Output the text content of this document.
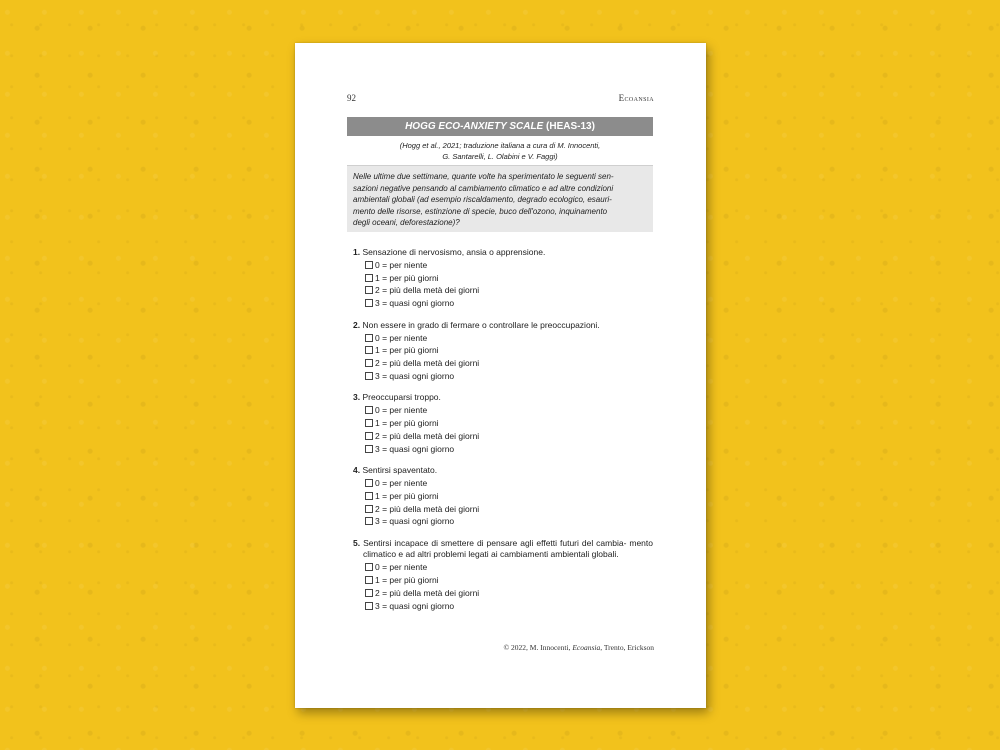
92	Ecoansia
HOGG ECO-ANXIETY SCALE (HEAS-13)
(Hogg et al., 2021; traduzione italiana a cura di M. Innocenti,
G. Santarelli, L. Olabini e V. Faggi)
Nelle ultime due settimane, quante volte ha sperimentato le seguenti sen-
sazioni negative pensando al cambiamento climatico e ad altre condizioni
ambientali globali (ad esempio riscaldamento, degrado ecologico, esauri-
mento delle risorse, estinzione di specie, buco dell'ozono, inquinamento
degli oceani, deforestazione)?
1. Sensazione di nervosismo, ansia o apprensione.
0 = per niente
1 = per più giorni
2 = più della metà dei giorni
3 = quasi ogni giorno
2. Non essere in grado di fermare o controllare le preoccupazioni.
0 = per niente
1 = per più giorni
2 = più della metà dei giorni
3 = quasi ogni giorno
3. Preoccuparsi troppo.
0 = per niente
1 = per più giorni
2 = più della metà dei giorni
3 = quasi ogni giorno
4. Sentirsi spaventato.
0 = per niente
1 = per più giorni
2 = più della metà dei giorni
3 = quasi ogni giorno
5. Sentirsi incapace di smettere di pensare agli effetti futuri del cambia- mento climatico e ad altri problemi legati ai cambiamenti ambientali globali.
0 = per niente
1 = per più giorni
2 = più della metà dei giorni
3 = quasi ogni giorno
© 2022, M. Innocenti, Ecoansia, Trento, Erickson
